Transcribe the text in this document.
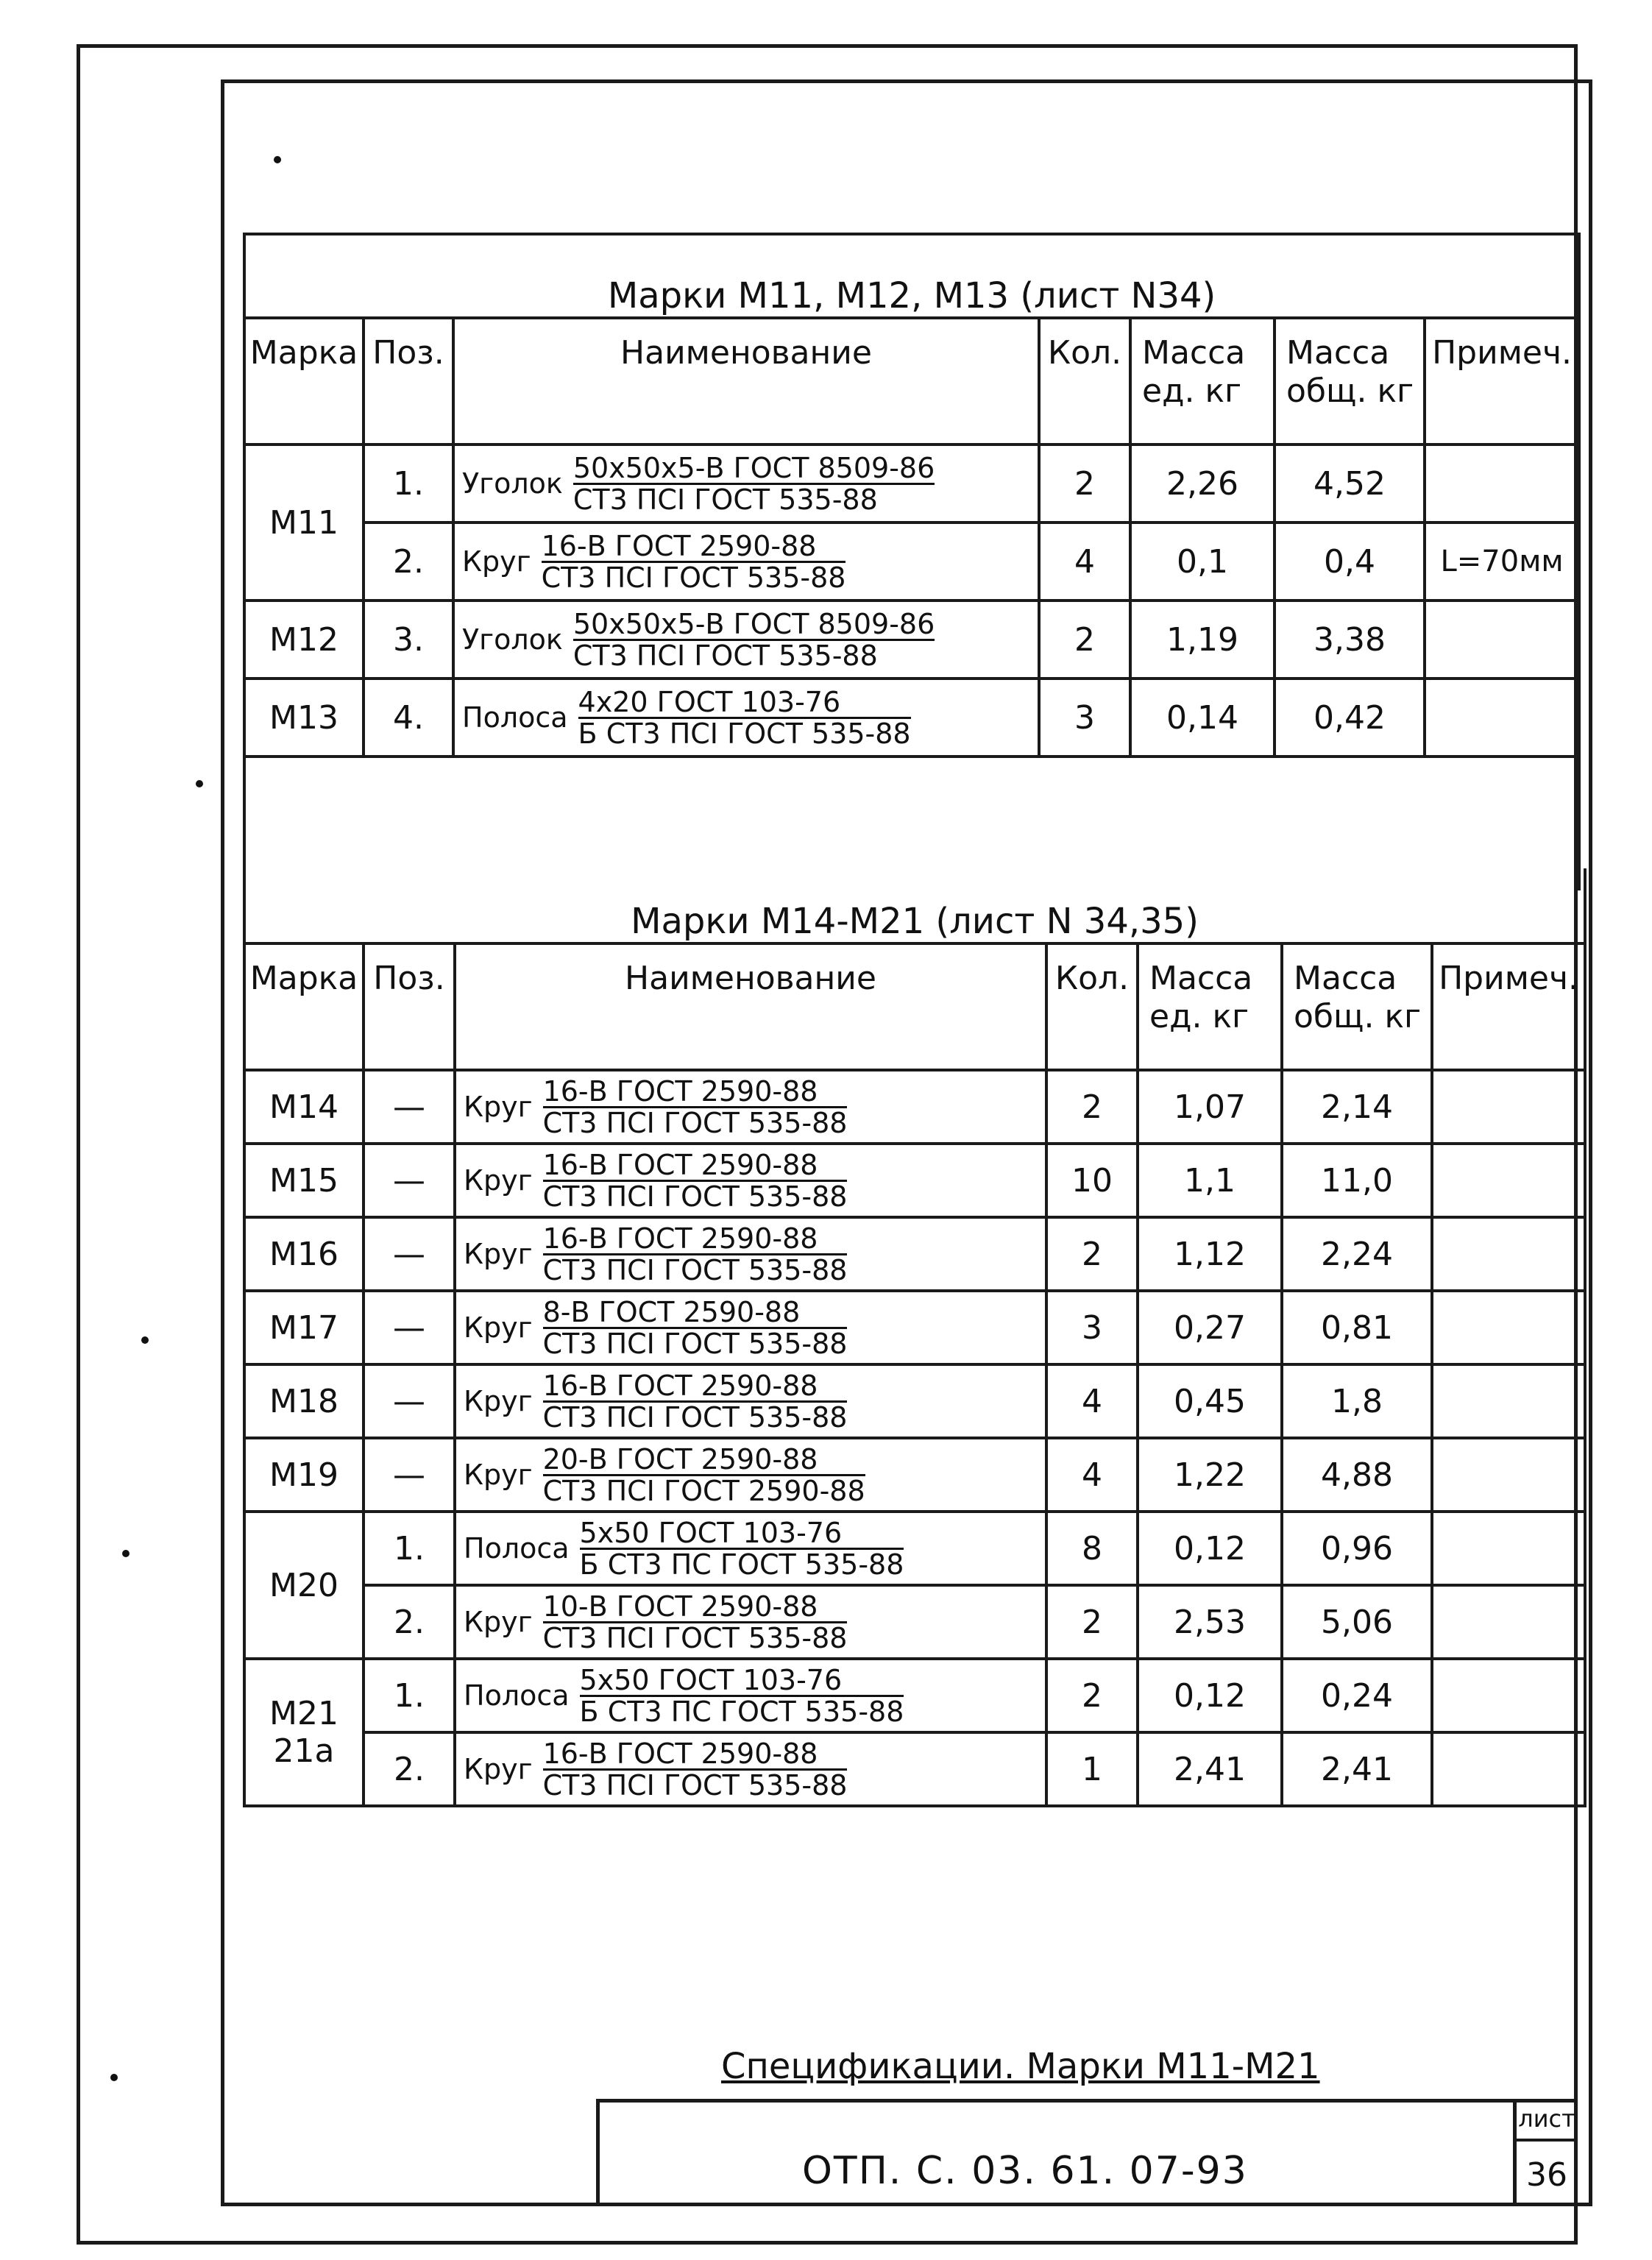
Марки М11, М12, М13 (лист N34)						
Марка	Поз.	Наименование	Кол.	Масса ед. кг	Масса общ. кг	Примеч.
М11	1.	Уголок $\frac{\text{50x50x5-В ГОСТ 8509-86}}{\text{СТ3 ПСI ГОСТ 535-88}}$	2	2,26	4,52	
	2.	Круг $\frac{\text{16-В ГОСТ 2590-88}}{\text{СТ3 ПСI ГОСТ 535-88}}$	4	0,1	0,4	L=70мм
М12	3.	Уголок $\frac{\text{50x50x5-В ГОСТ 8509-86}}{\text{СТ3 ПСI ГОСТ 535-88}}$	2	1,19	3,38	
М13	4.	Полоса $\frac{\text{4x20 ГОСТ 103-76}}{\text{Б СТ3 ПСI ГОСТ 535-88}}$	3	0,14	0,42	

Марки М14-М21 (лист N 34,35)						
Марка	Поз.	Наименование	Кол.	Масса ед. кг	Масса общ. кг	Примеч.
М14	—	Круг $\frac{\text{16-В ГОСТ 2590-88}}{\text{СТ3 ПСI ГОСТ 535-88}}$	2	1,07	2,14	
М15	—	Круг $\frac{\text{16-В ГОСТ 2590-88}}{\text{СТ3 ПСI ГОСТ 535-88}}$	10	1,1	11,0	
М16	—	Круг $\frac{\text{16-В ГОСТ 2590-88}}{\text{СТ3 ПСI ГОСТ 535-88}}$	2	1,12	2,24	
М17	—	Круг $\frac{\text{8-В ГОСТ 2590-88}}{\text{СТ3 ПСI ГОСТ 535-88}}$	3	0,27	0,81	
М18	—	Круг $\frac{\text{16-В ГОСТ 2590-88}}{\text{СТ3 ПСI ГОСТ 535-88}}$	4	0,45	1,8	
М19	—	Круг $\frac{\text{20-В ГОСТ 2590-88}}{\text{СТ3 ПСI ГОСТ 2590-88}}$	4	1,22	4,88	
М20	1.	Полоса $\frac{\text{5x50 ГОСТ 103-76}}{\text{Б СТ3 ПС ГОСТ 535-88}}$	8	0,12	0,96	
	2.	Круг $\frac{\text{10-В ГОСТ 2590-88}}{\text{СТ3 ПСI ГОСТ 535-88}}$	2	2,53	5,06	
М21 21а	1.	Полоса $\frac{\text{5x50 ГОСТ 103-76}}{\text{Б СТ3 ПС ГОСТ 535-88}}$	2	0,12	0,24	
	2.	Круг $\frac{\text{16-В ГОСТ 2590-88}}{\text{СТ3 ПСI ГОСТ 535-88}}$	1	2,41	2,41	
Спецификации. Марки М11-М21
ОТП. С. 03. 61. 07-93
лист
36
